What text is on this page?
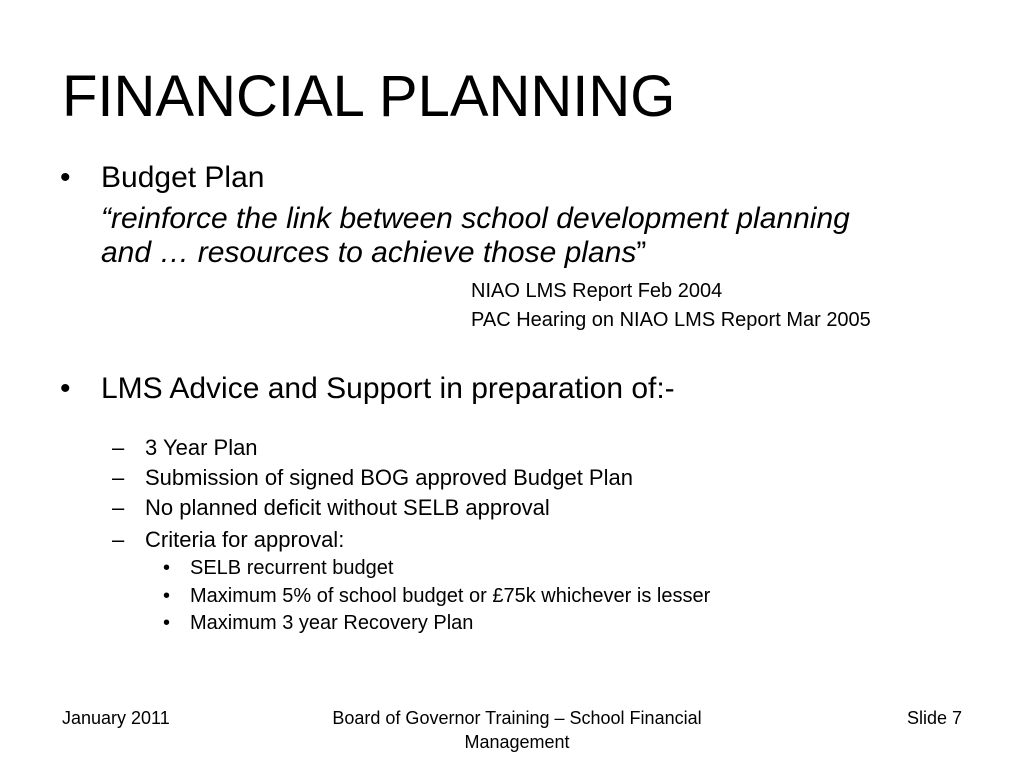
FINANCIAL PLANNING
•	Budget Plan
“reinforce the link between school development planning
and … resources to achieve those plans”
NIAO LMS Report Feb 2004
PAC Hearing on NIAO LMS Report Mar 2005
•	LMS Advice and Support in preparation of:-
– 3 Year Plan
– Submission of signed BOG approved Budget Plan
– No planned deficit without SELB approval
– Criteria for approval:
• SELB recurrent budget
• Maximum 5% of school budget or £75k whichever is lesser
• Maximum 3 year Recovery Plan
January 2011	Board of Governor Training – School Financial Management
Slide 7
